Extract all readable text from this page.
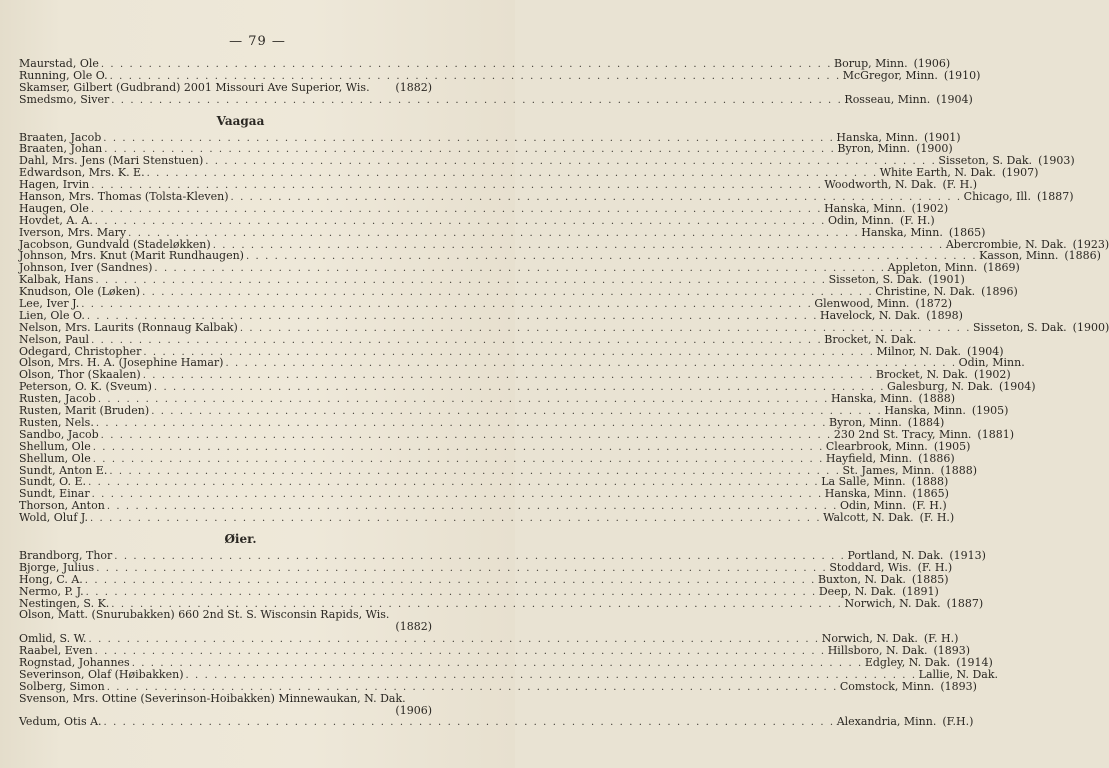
— 79 —
Maurstad, Ole . . . . . . . . . . . . . . . . . . . . . . . . . . . . . . . . . . . . . . . . . . . . . . . . . . . . . . . . . . . . . . . . . . . . . . . . . . . . . Borup, Minn. (1906)
Running, Ole O. . . . . . . . . . . . . . . . . . . . . . . . . . . . . . . . . . . . . . . . . . . . . . . . . . . . . . . . . . . . . . . . . . . . . . . . . . . . . . McGregor, Minn. (1910)
Skamser, Gilbert (Gudbrand) 2001 Missouri Ave Superior, Wis. (1882)
Smedsmo, Siver . . . . . . . . . . . . . . . . . . . . . . . . . . . . . . . . . . . . . . . . . . . . . . . . . . . . . . . . . . . . . . . . . . . . . . . . . . . . . Rosseau, Minn. (1904)
Vaagaa
Braaten, Jacob . . . . . . . . . . . . . . . . . . . . . . . . . . . . . . . . . . . . . . . . . . . . . . . . . . . . . . . . . . . . . . . . . . . . . . . . . . . . . Hanska, Minn. (1901)
Braaten, Johan . . . . . . . . . . . . . . . . . . . . . . . . . . . . . . . . . . . . . . . . . . . . . . . . . . . . . . . . . . . . . . . . . . . . . . . . . . . . . Byron, Minn. (1900)
Dahl, Mrs. Jens (Mari Stenstuen) . . . . . . . . . . . . . . . . . . . . . . . . . . . . . . . . . . . . . . . . . . . . . . . . . . . . . . . . . . . . . . . . . . . . . . . . . . . . . Sisseton, S. Dak. (1903)
Edwardson, Mrs. K. E. . . . . . . . . . . . . . . . . . . . . . . . . . . . . . . . . . . . . . . . . . . . . . . . . . . . . . . . . . . . . . . . . . . . . . . . . . . . . . White Earth, N. Dak. (1907)
Hagen, Irvin . . . . . . . . . . . . . . . . . . . . . . . . . . . . . . . . . . . . . . . . . . . . . . . . . . . . . . . . . . . . . . . . . . . . . . . . . . . . . Woodworth, N. Dak. (F. H.)
Hanson, Mrs. Thomas (Tolsta-Kleven) . . . . . . . . . . . . . . . . . . . . . . . . . . . . . . . . . . . . . . . . . . . . . . . . . . . . . . . . . . . . . . . . . . . . . . . . . . . . . Chicago, Ill. (1887)
Haugen, Ole . . . . . . . . . . . . . . . . . . . . . . . . . . . . . . . . . . . . . . . . . . . . . . . . . . . . . . . . . . . . . . . . . . . . . . . . . . . . . Hanska, Minn. (1902)
Hovdet, A. A. . . . . . . . . . . . . . . . . . . . . . . . . . . . . . . . . . . . . . . . . . . . . . . . . . . . . . . . . . . . . . . . . . . . . . . . . . . . . . Odin, Minn. (F. H.)
Iverson, Mrs. Mary . . . . . . . . . . . . . . . . . . . . . . . . . . . . . . . . . . . . . . . . . . . . . . . . . . . . . . . . . . . . . . . . . . . . . . . . . . . . . Hanska, Minn. (1865)
Jacobson, Gundvald (Stadeløkken) . . . . . . . . . . . . . . . . . . . . . . . . . . . . . . . . . . . . . . . . . . . . . . . . . . . . . . . . . . . . . . . . . . . . . . . . . . . . . Abercrombie, N. Dak. (1923)
Johnson, Mrs. Knut (Marit Rundhaugen) . . . . . . . . . . . . . . . . . . . . . . . . . . . . . . . . . . . . . . . . . . . . . . . . . . . . . . . . . . . . . . . . . . . . . . . . . . . . . Kasson, Minn. (1886)
Johnson, Iver (Sandnes) . . . . . . . . . . . . . . . . . . . . . . . . . . . . . . . . . . . . . . . . . . . . . . . . . . . . . . . . . . . . . . . . . . . . . . . . . . . . . Appleton, Minn. (1869)
Kalbak, Hans . . . . . . . . . . . . . . . . . . . . . . . . . . . . . . . . . . . . . . . . . . . . . . . . . . . . . . . . . . . . . . . . . . . . . . . . . . . . . Sisseton, S. Dak. (1901)
Knudson, Ole (Løken) . . . . . . . . . . . . . . . . . . . . . . . . . . . . . . . . . . . . . . . . . . . . . . . . . . . . . . . . . . . . . . . . . . . . . . . . . . . . . Christine, N. Dak. (1896)
Lee, Iver J. . . . . . . . . . . . . . . . . . . . . . . . . . . . . . . . . . . . . . . . . . . . . . . . . . . . . . . . . . . . . . . . . . . . . . . . . . . . . . Glenwood, Minn. (1872)
Lien, Ole O. . . . . . . . . . . . . . . . . . . . . . . . . . . . . . . . . . . . . . . . . . . . . . . . . . . . . . . . . . . . . . . . . . . . . . . . . . . . . . Havelock, N. Dak. (1898)
Nelson, Mrs. Laurits (Ronnaug Kalbak) . . . . . . . . . . . . . . . . . . . . . . . . . . . . . . . . . . . . . . . . . . . . . . . . . . . . . . . . . . . . . . . . . . . . . . . . . . . . . Sisseton, S. Dak. (1900)
Nelson, Paul . . . . . . . . . . . . . . . . . . . . . . . . . . . . . . . . . . . . . . . . . . . . . . . . . . . . . . . . . . . . . . . . . . . . . . . . . . . . . Brocket, N. Dak.
Odegard, Christopher . . . . . . . . . . . . . . . . . . . . . . . . . . . . . . . . . . . . . . . . . . . . . . . . . . . . . . . . . . . . . . . . . . . . . . . . . . . . . Milnor, N. Dak. (1904)
Olson, Mrs. H. A. (Josephine Hamar) . . . . . . . . . . . . . . . . . . . . . . . . . . . . . . . . . . . . . . . . . . . . . . . . . . . . . . . . . . . . . . . . . . . . . . . . . . . . . Odin, Minn.
Olson, Thor (Skaalen) . . . . . . . . . . . . . . . . . . . . . . . . . . . . . . . . . . . . . . . . . . . . . . . . . . . . . . . . . . . . . . . . . . . . . . . . . . . . . Brocket, N. Dak. (1902)
Peterson, O. K. (Sveum) . . . . . . . . . . . . . . . . . . . . . . . . . . . . . . . . . . . . . . . . . . . . . . . . . . . . . . . . . . . . . . . . . . . . . . . . . . . . . Galesburg, N. Dak. (1904)
Rusten, Jacob . . . . . . . . . . . . . . . . . . . . . . . . . . . . . . . . . . . . . . . . . . . . . . . . . . . . . . . . . . . . . . . . . . . . . . . . . . . . . Hanska, Minn. (1888)
Rusten, Marit (Bruden) . . . . . . . . . . . . . . . . . . . . . . . . . . . . . . . . . . . . . . . . . . . . . . . . . . . . . . . . . . . . . . . . . . . . . . . . . . . . . Hanska, Minn. (1905)
Rusten, Nels. . . . . . . . . . . . . . . . . . . . . . . . . . . . . . . . . . . . . . . . . . . . . . . . . . . . . . . . . . . . . . . . . . . . . . . . . . . . . . Byron, Minn. (1884)
Sandbo, Jacob . . . . . . . . . . . . . . . . . . . . . . . . . . . . . . . . . . . . . . . . . . . . . . . . . . . . . . . . . . . . . . . . . . . . . . . . . . . . . 230 2nd St. Tracy, Minn. (1881)
Shellum, Ole . . . . . . . . . . . . . . . . . . . . . . . . . . . . . . . . . . . . . . . . . . . . . . . . . . . . . . . . . . . . . . . . . . . . . . . . . . . . . Clearbrook, Minn. (1905)
Shellum, Ole . . . . . . . . . . . . . . . . . . . . . . . . . . . . . . . . . . . . . . . . . . . . . . . . . . . . . . . . . . . . . . . . . . . . . . . . . . . . . Hayfield, Minn. (1886)
Sundt, Anton E. . . . . . . . . . . . . . . . . . . . . . . . . . . . . . . . . . . . . . . . . . . . . . . . . . . . . . . . . . . . . . . . . . . . . . . . . . . . . . St. James, Minn. (1888)
Sundt, O. E. . . . . . . . . . . . . . . . . . . . . . . . . . . . . . . . . . . . . . . . . . . . . . . . . . . . . . . . . . . . . . . . . . . . . . . . . . . . . . La Salle, Minn. (1888)
Sundt, Einar . . . . . . . . . . . . . . . . . . . . . . . . . . . . . . . . . . . . . . . . . . . . . . . . . . . . . . . . . . . . . . . . . . . . . . . . . . . . . Hanska, Minn. (1865)
Thorson, Anton . . . . . . . . . . . . . . . . . . . . . . . . . . . . . . . . . . . . . . . . . . . . . . . . . . . . . . . . . . . . . . . . . . . . . . . . . . . . . Odin, Minn. (F. H.)
Wold, Oluf J. . . . . . . . . . . . . . . . . . . . . . . . . . . . . . . . . . . . . . . . . . . . . . . . . . . . . . . . . . . . . . . . . . . . . . . . . . . . . . Walcott, N. Dak. (F. H.)
Øier.
Brandborg, Thor . . . . . . . . . . . . . . . . . . . . . . . . . . . . . . . . . . . . . . . . . . . . . . . . . . . . . . . . . . . . . . . . . . . . . . . . . . . . . Portland, N. Dak. (1913)
Bjorge, Julius . . . . . . . . . . . . . . . . . . . . . . . . . . . . . . . . . . . . . . . . . . . . . . . . . . . . . . . . . . . . . . . . . . . . . . . . . . . . . Stoddard, Wis. (F. H.)
Hong, C. A. . . . . . . . . . . . . . . . . . . . . . . . . . . . . . . . . . . . . . . . . . . . . . . . . . . . . . . . . . . . . . . . . . . . . . . . . . . . . . Buxton, N. Dak. (1885)
Nermo, P. J. . . . . . . . . . . . . . . . . . . . . . . . . . . . . . . . . . . . . . . . . . . . . . . . . . . . . . . . . . . . . . . . . . . . . . . . . . . . . . Deep, N. Dak. (1891)
Nestingen, S. K. . . . . . . . . . . . . . . . . . . . . . . . . . . . . . . . . . . . . . . . . . . . . . . . . . . . . . . . . . . . . . . . . . . . . . . . . . . . . . Norwich, N. Dak. (1887)
Olson, Matt. (Snurubakken) 660 2nd St. S. Wisconsin Rapids, Wis.
(1882)
Omlid, S. W. . . . . . . . . . . . . . . . . . . . . . . . . . . . . . . . . . . . . . . . . . . . . . . . . . . . . . . . . . . . . . . . . . . . . . . . . . . . . . Norwich, N. Dak. (F. H.)
Raabel, Even . . . . . . . . . . . . . . . . . . . . . . . . . . . . . . . . . . . . . . . . . . . . . . . . . . . . . . . . . . . . . . . . . . . . . . . . . . . . . Hillsboro, N. Dak. (1893)
Rognstad, Johannes . . . . . . . . . . . . . . . . . . . . . . . . . . . . . . . . . . . . . . . . . . . . . . . . . . . . . . . . . . . . . . . . . . . . . . . . . . . . . Edgley, N. Dak. (1914)
Severinson, Olaf (Høibakken) . . . . . . . . . . . . . . . . . . . . . . . . . . . . . . . . . . . . . . . . . . . . . . . . . . . . . . . . . . . . . . . . . . . . . . . . . . . . . Lallie, N. Dak.
Solberg, Simon . . . . . . . . . . . . . . . . . . . . . . . . . . . . . . . . . . . . . . . . . . . . . . . . . . . . . . . . . . . . . . . . . . . . . . . . . . . . . Comstock, Minn. (1893)
Svenson, Mrs. Ottine (Severinson-Hoibakken) Minnewaukan, N. Dak.
(1906)
Vedum, Otis A. . . . . . . . . . . . . . . . . . . . . . . . . . . . . . . . . . . . . . . . . . . . . . . . . . . . . . . . . . . . . . . . . . . . . . . . . . . . . . Alexandria, Minn. (F.H.)
